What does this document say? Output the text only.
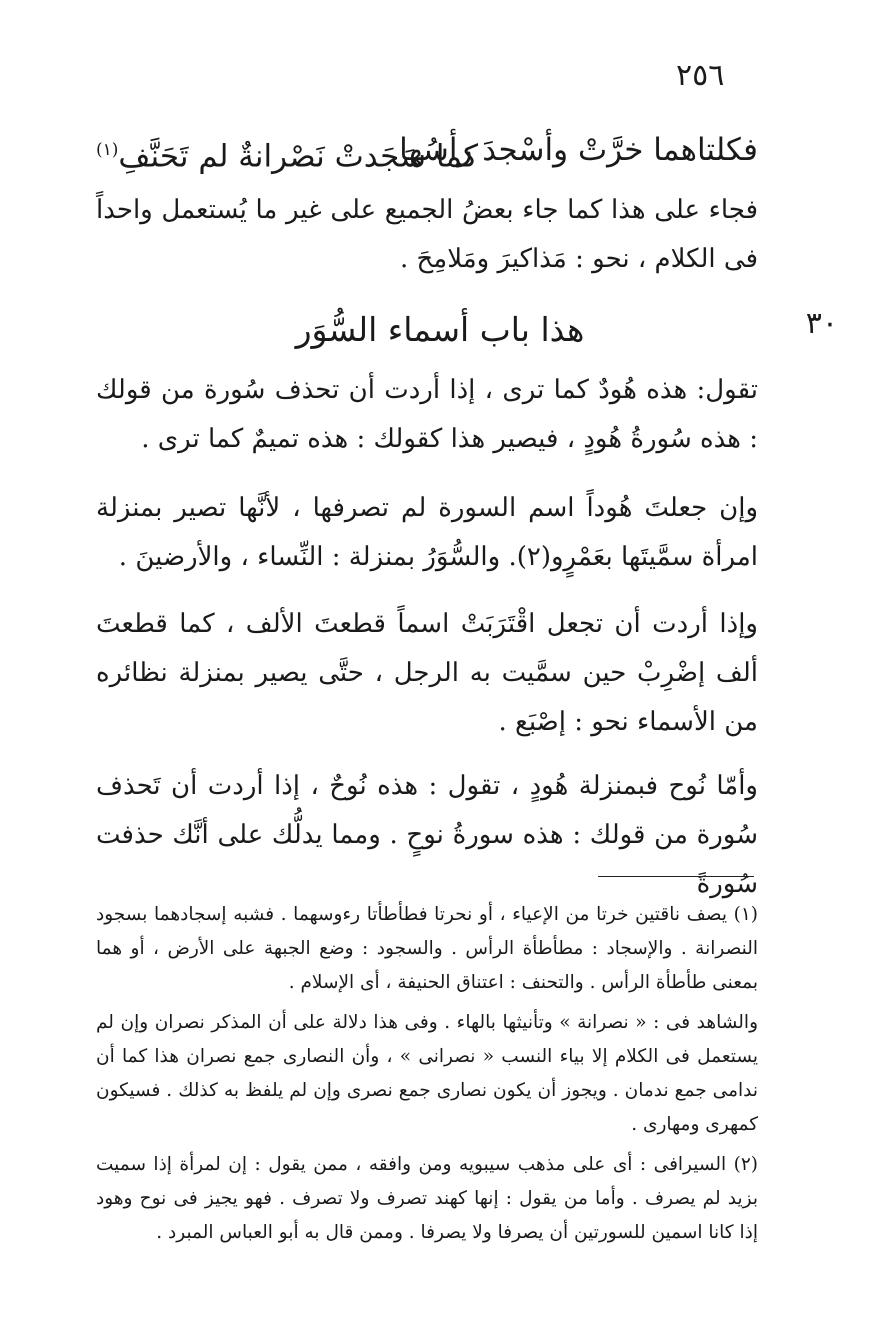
٢٥٦
فكلتاهما خرَّتْ وأسْجدَ رأسُها
كما سَجَدتْ نَصْرانةٌ لم تَحَنَّفِ$^{(١)}$

فجاء على هذا كما جاء بعضُ الجميع على غير ما يُستعمل واحداً فى الكلام ، نحو : مَذاكيرَ ومَلامِحَ .

٣٠
هذا باب أسماء السُّوَر

تقول: هذه هُودٌ كما ترى ، إذا أردت أن تحذف سُورة من قولك : هذه سُورةُ هُودٍ ، فيصير هذا كقولك : هذه تميمٌ كما ترى .

وإن جعلتَ هُوداً اسم السورة لم تصرفها ، لأنَّها تصير بمنزلة امرأة سمَّيتَها بعَمْرٍو(٢). والسُّوَرُ بمنزلة : النِّساء ، والأرضينَ .

وإذا أردت أن تجعل اقْتَرَبَتْ اسماً قطعتَ الألف ، كما قطعتَ ألف إضْرِبْ حين سمَّيت به الرجل ، حتَّى يصير بمنزلة نظائره من الأسماء نحو : إصْبَع .

وأمّا نُوح فبمنزلة هُودٍ ، تقول : هذه نُوحٌ ، إذا أردت أن تَحذف سُورة من قولك : هذه سورةُ نوحٍ . ومما يدلُّك على أنَّك حذفت سُورةً

(١) يصف ناقتين خرتا من الإعياء ، أو نحرتا فطأطأتا رءوسهما . فشبه إسجادهما بسجود النصرانة . والإسجاد : مطأطأة الرأس . والسجود : وضع الجبهة على الأرض ، أو هما بمعنى طأطأة الرأس . والتحنف : اعتناق الحنيفة ، أى الإسلام .

والشاهد فى : « نصرانة » وتأنيثها بالهاء . وفى هذا دلالة على أن المذكر نصران وإن لم يستعمل فى الكلام إلا بياء النسب « نصرانى » ، وأن النصارى جمع نصران هذا كما أن ندامى جمع ندمان . ويجوز أن يكون نصارى جمع نصرى وإن لم يلفظ به كذلك . فسيكون كمهرى ومهارى .

(٢) السيرافى : أى على مذهب سيبويه ومن وافقه ، ممن يقول : إن لمرأة إذا سميت بزيد لم يصرف . وأما من يقول : إنها كهند تصرف ولا تصرف . فهو يجيز فى نوح وهود إذا كانا اسمين للسورتين أن يصرفا ولا يصرفا . وممن قال به أبو العباس المبرد .
